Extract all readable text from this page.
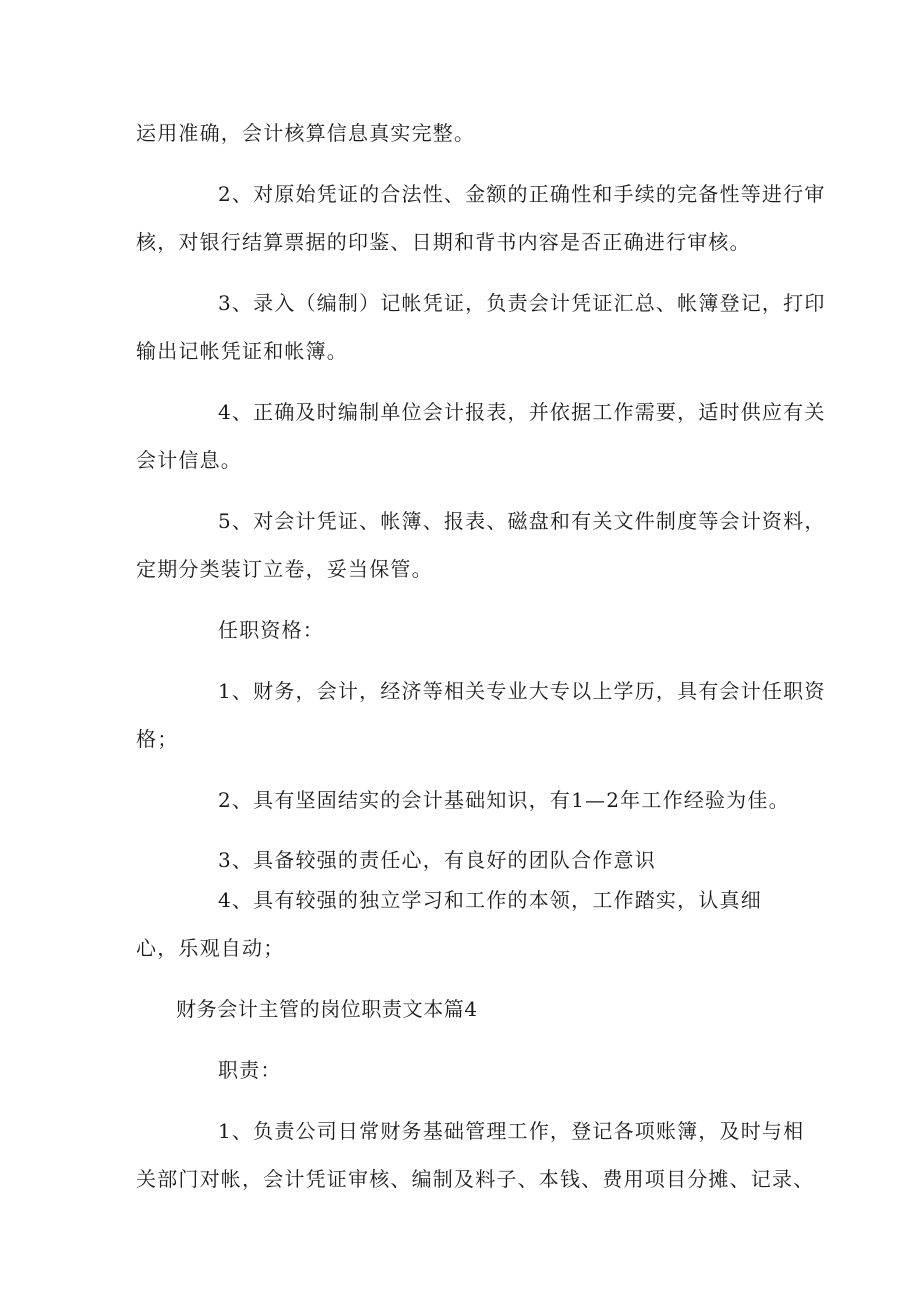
运用准确，会计核算信息真实完整。
2、对原始凭证的合法性、金额的正确性和手续的完备性等进行审
核，对银行结算票据的印鉴、日期和背书内容是否正确进行审核。
3、录入（编制）记帐凭证，负责会计凭证汇总、帐簿登记，打印
输出记帐凭证和帐簿。
4、正确及时编制单位会计报表，并依据工作需要，适时供应有关
会计信息。
5、对会计凭证、帐簿、报表、磁盘和有关文件制度等会计资料，
定期分类装订立卷，妥当保管。
任职资格：
1、财务，会计，经济等相关专业大专以上学历，具有会计任职资
格；
2、具有坚固结实的会计基础知识，有1—2年工作经验为佳。
3、具备较强的责任心，有良好的团队合作意识
4、具有较强的独立学习和工作的本领，工作踏实，认真细
心，乐观自动；
财务会计主管的岗位职责文本篇4
职责：
1、负责公司日常财务基础管理工作，登记各项账簿，及时与相
关部门对帐，会计凭证审核、编制及料子、本钱、费用项目分摊、记录、
